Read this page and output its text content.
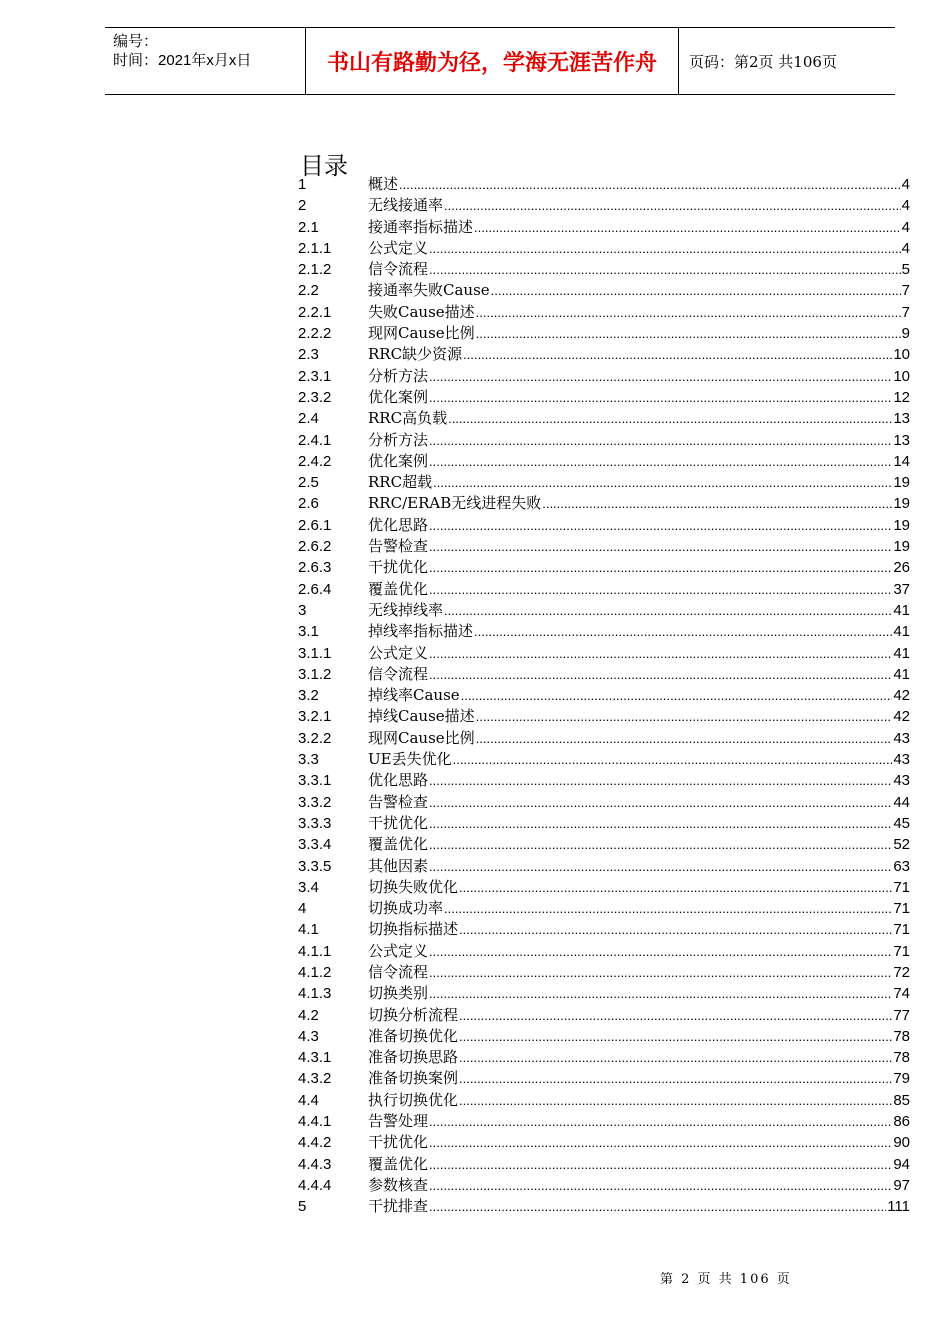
编号：
时间：2021年x月x日	书山有路勤为径，学海无涯苦作舟	页码：第2页 共106页
目录
1	概述 .....	4
2	无线接通率 .....	4
2.1	接通率指标描述 .....	4
2.1.1	公式定义 .....	4
2.1.2	信令流程 .....	5
2.2	接通率失败Cause .....	7
2.2.1	失败Cause描述 .....	7
2.2.2	现网Cause比例 .....	9
2.3	RRC缺少资源 .....	10
2.3.1	分析方法 .....	10
2.3.2	优化案例 .....	12
2.4	RRC高负载 .....	13
2.4.1	分析方法 .....	13
2.4.2	优化案例 .....	14
2.5	RRC超载 .....	19
2.6	RRC/ERAB无线进程失败 .....	19
2.6.1	优化思路 .....	19
2.6.2	告警检查 .....	19
2.6.3	干扰优化 .....	26
2.6.4	覆盖优化 .....	37
3	无线掉线率 .....	41
3.1	掉线率指标描述 .....	41
3.1.1	公式定义 .....	41
3.1.2	信令流程 .....	41
3.2	掉线率Cause .....	42
3.2.1	掉线Cause描述 .....	42
3.2.2	现网Cause比例 .....	43
3.3	UE丢失优化 .....	43
3.3.1	优化思路 .....	43
3.3.2	告警检查 .....	44
3.3.3	干扰优化 .....	45
3.3.4	覆盖优化 .....	52
3.3.5	其他因素 .....	63
3.4	切换失败优化 .....	71
4	切换成功率 .....	71
4.1	切换指标描述 .....	71
4.1.1	公式定义 .....	71
4.1.2	信令流程 .....	72
4.1.3	切换类别 .....	74
4.2	切换分析流程 .....	77
4.3	准备切换优化 .....	78
4.3.1	准备切换思路 .....	78
4.3.2	准备切换案例 .....	79
4.4	执行切换优化 .....	85
4.4.1	告警处理 .....	86
4.4.2	干扰优化 .....	90
4.4.3	覆盖优化 .....	94
4.4.4	参数核查 .....	97
5	干扰排查 .....	111
第 2 页 共 106 页
